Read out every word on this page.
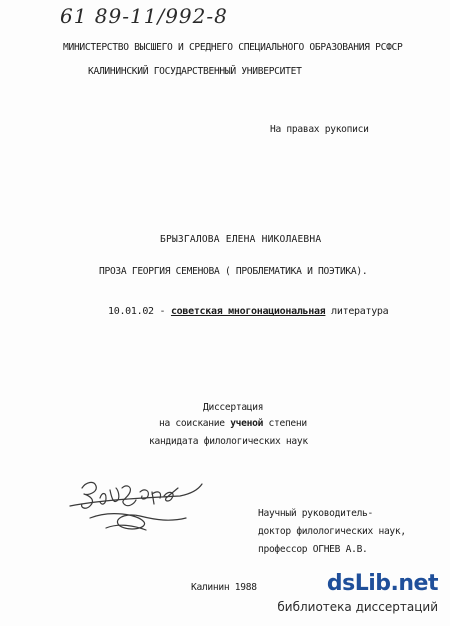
61 89-11/992-8
МИНИСТЕРСТВО ВЫСШЕГО И СРЕДНЕГО СПЕЦИАЛЬНОГО ОБРАЗОВАНИЯ РСФСР
КАЛИНИНСКИЙ ГОСУДАРСТВЕННЫЙ УНИВЕРСИТЕТ
На правах рукописи
БРЫЗГАЛОВА ЕЛЕНА НИКОЛАЕВНА
ПРОЗА ГЕОРГИЯ СЕМЕНОВА ( ПРОБЛЕМАТИКА И ПОЭТИКА).
10.01.02 - советская многонациональная литература
Диссертация
на соискание ученой степени
кандидата филологических наук
Научный руководитель-
доктор филологических наук,
профессор ОГНЕВ А.В.
Калинин 1988	ds Lib .net
библиотека диссертаций
